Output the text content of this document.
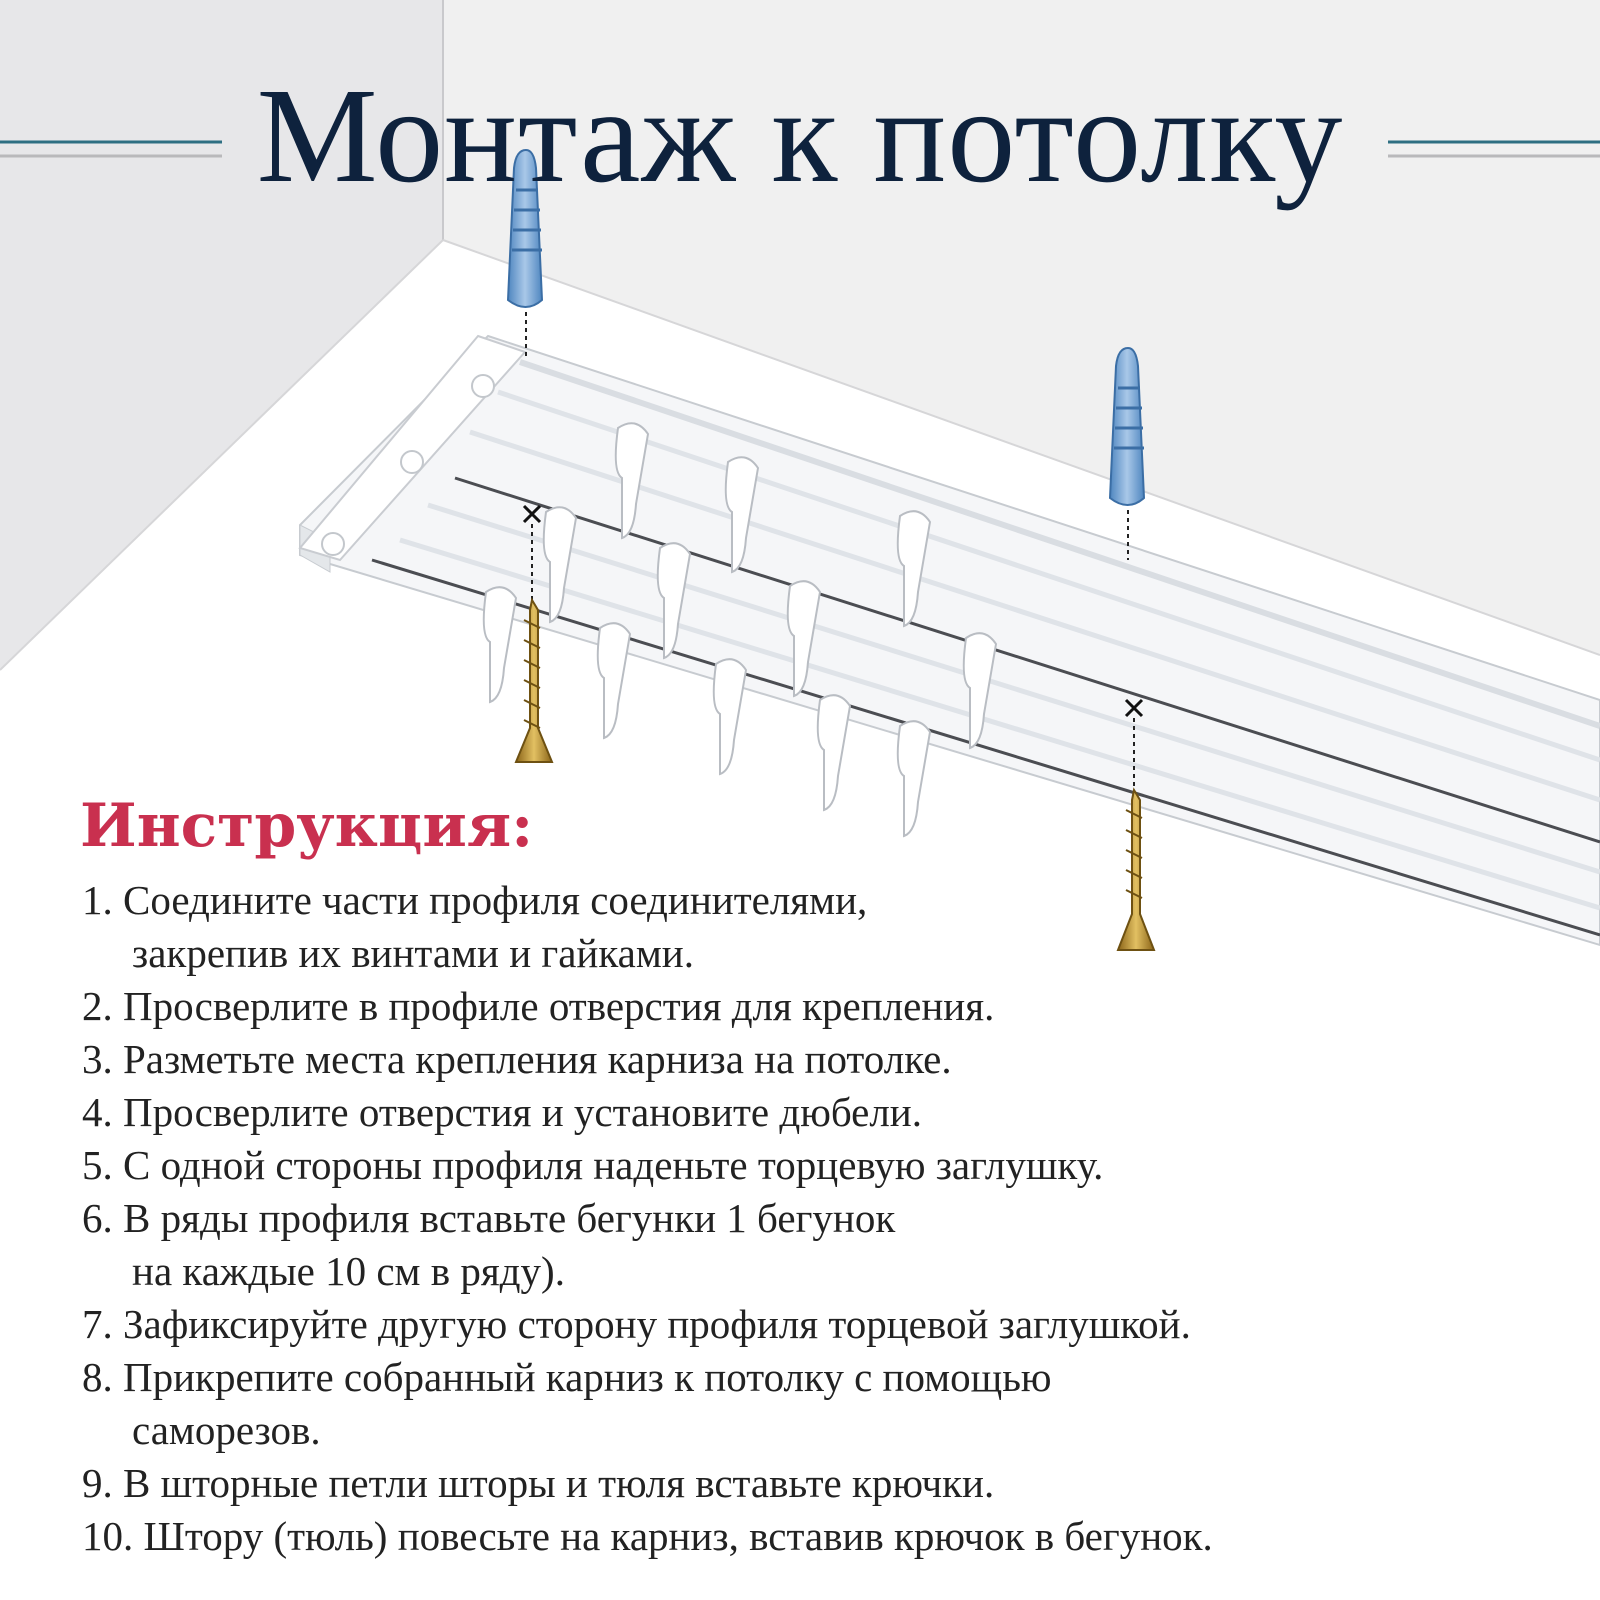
Монтаж к потолку
Инструкция:
1. Соедините части профиля соединителями,
закрепив их винтами и гайками.
2. Просверлите в профиле отверстия для крепления.
3. Разметьте места крепления карниза на потолке.
4. Просверлите отверстия и установите дюбели.
5. С одной стороны профиля наденьте торцевую заглушку.
6. В ряды профиля вставьте бегунки 1 бегунок
на каждые 10 см в ряду).
7. Зафиксируйте другую сторону профиля торцевой заглушкой.
8. Прикрепите собранный карниз к потолку с помощью
саморезов.
9. В шторные петли шторы и тюля вставьте крючки.
10. Штору (тюль) повесьте на карниз, вставив крючок в бегунок.
